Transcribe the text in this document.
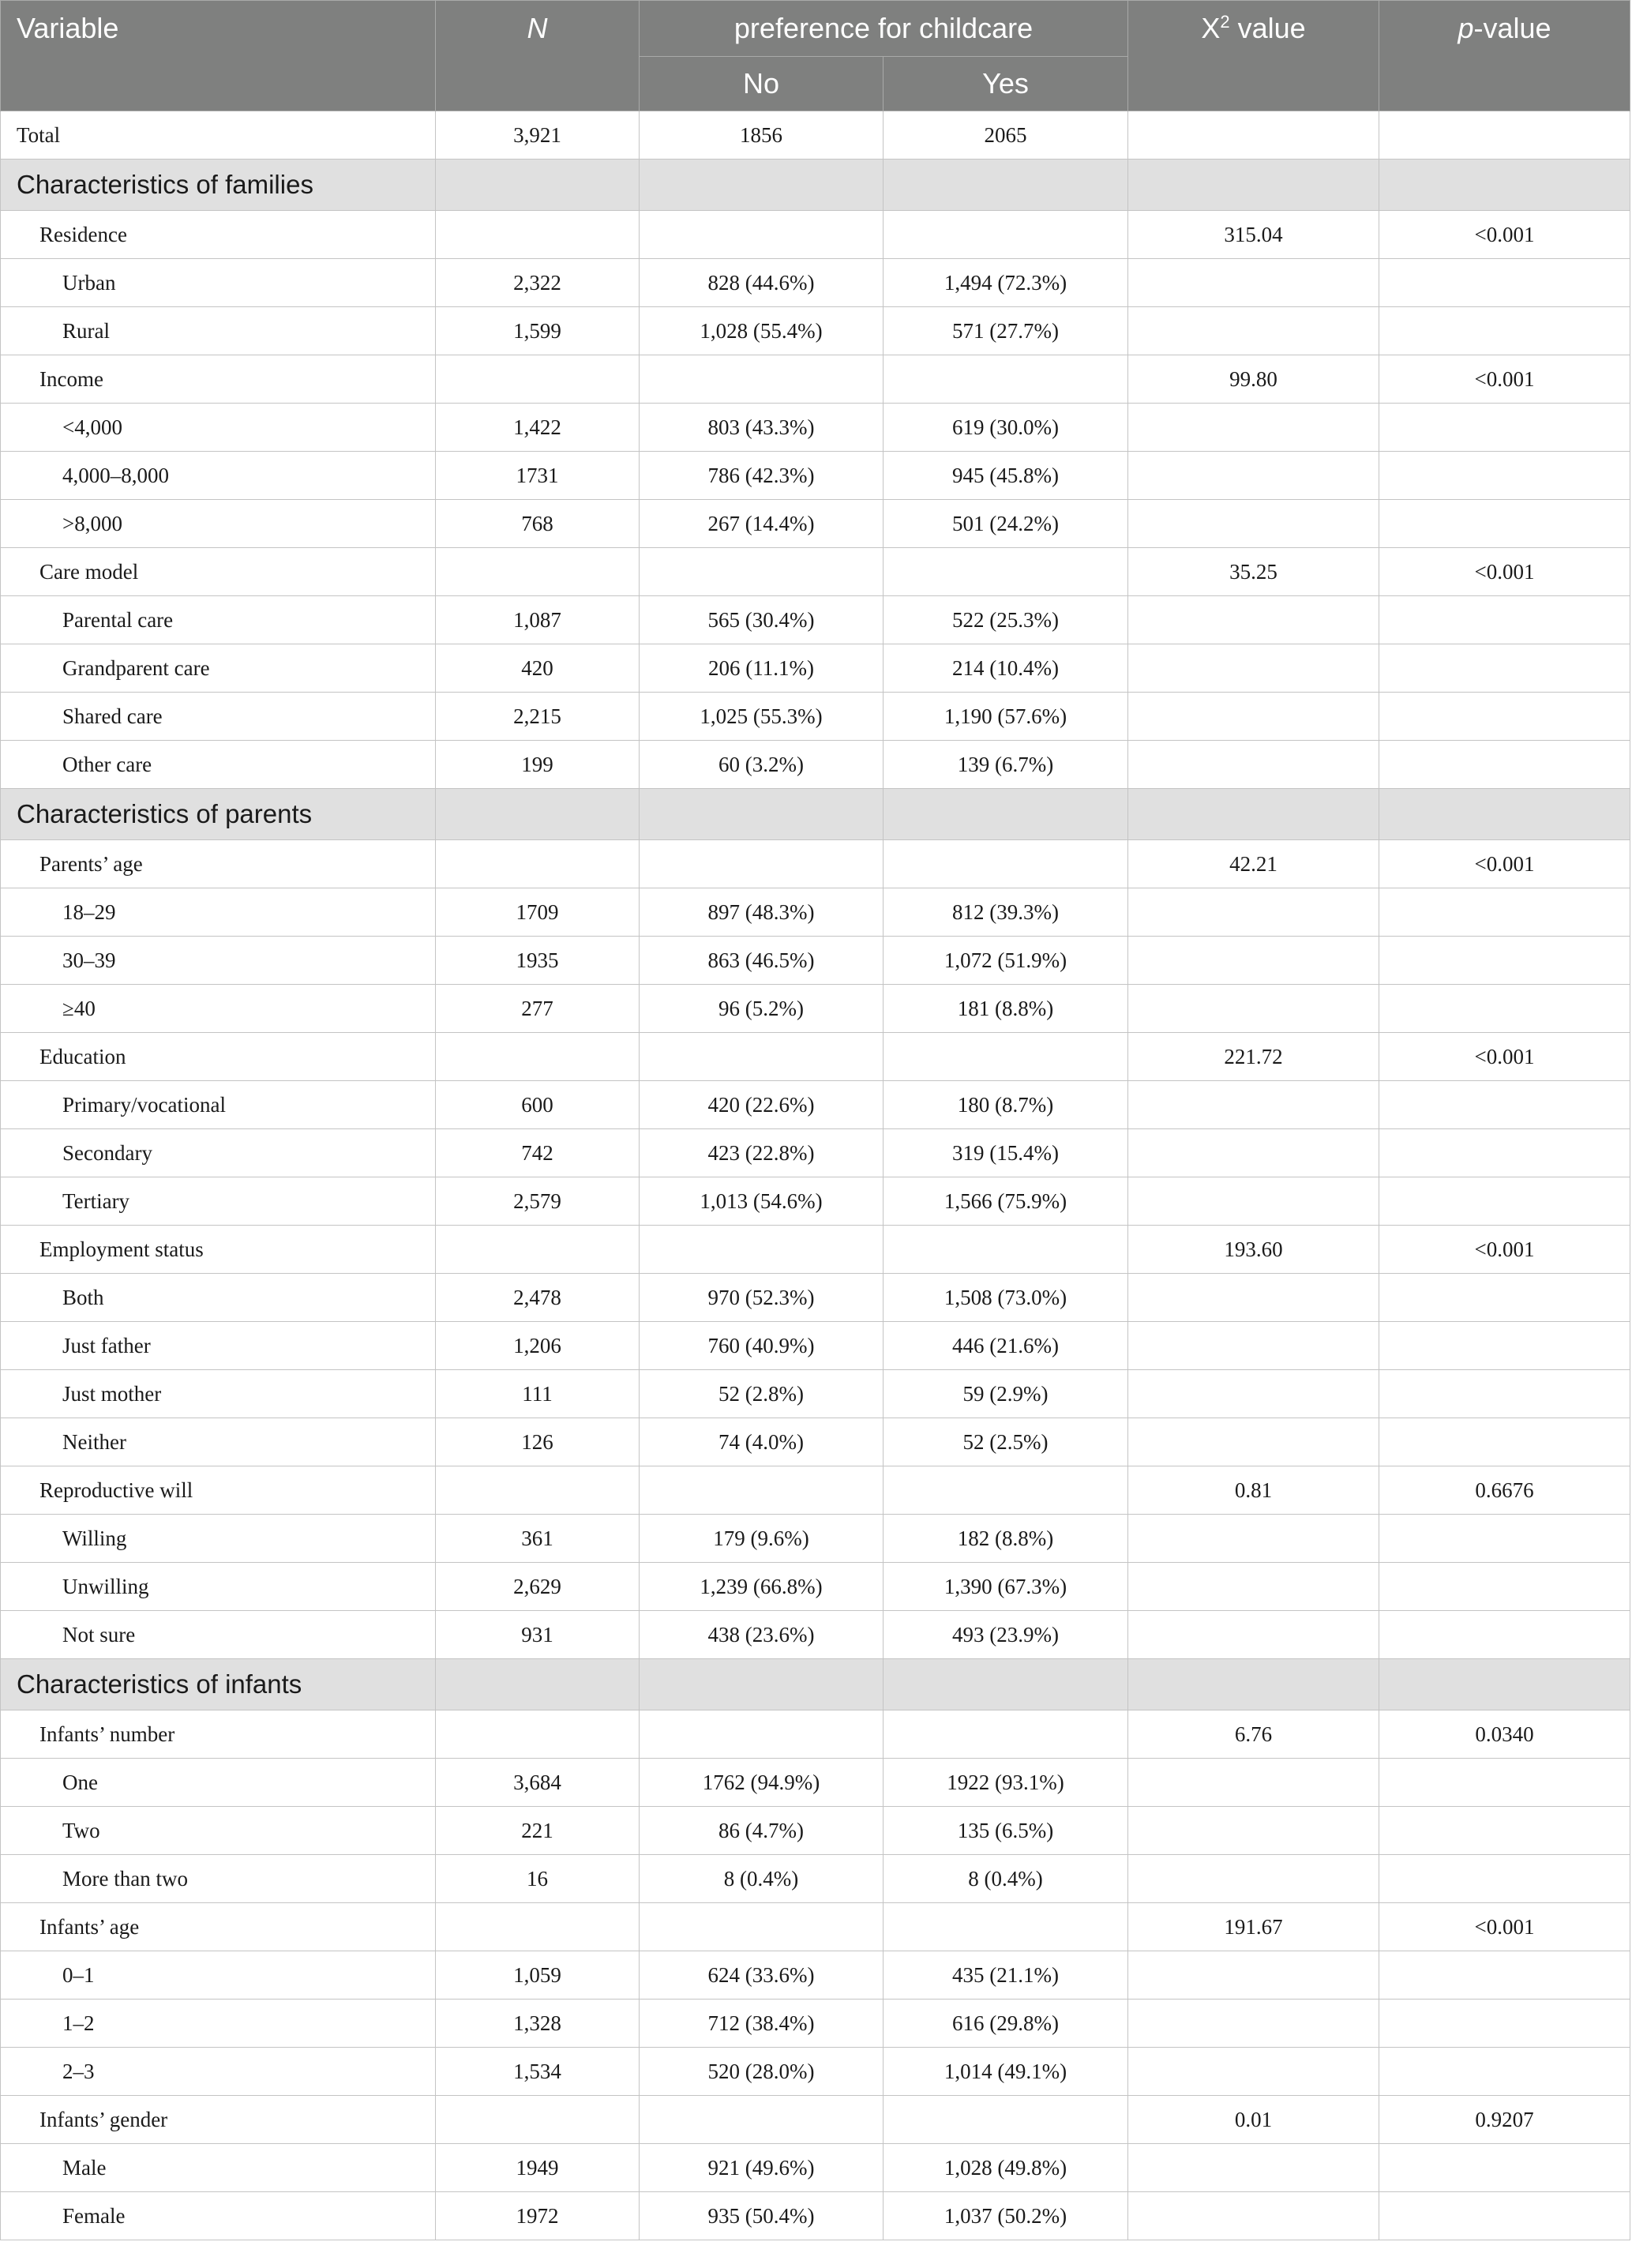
Variable	N	preference for childcare		$X^2$ value	p-value
		No	Yes		
Total	3,921	1856	2065		
Characteristics of families					
Residence				315.04	<0.001
Urban	2,322	828 (44.6%)	1,494 (72.3%)		
Rural	1,599	1,028 (55.4%)	571 (27.7%)		
Income				99.80	<0.001
<4,000	1,422	803 (43.3%)	619 (30.0%)		
4,000–8,000	1731	786 (42.3%)	945 (45.8%)		
>8,000	768	267 (14.4%)	501 (24.2%)		
Care model				35.25	<0.001
Parental care	1,087	565 (30.4%)	522 (25.3%)		
Grandparent care	420	206 (11.1%)	214 (10.4%)		
Shared care	2,215	1,025 (55.3%)	1,190 (57.6%)		
Other care	199	60 (3.2%)	139 (6.7%)		
Characteristics of parents					
Parents’ age				42.21	<0.001
18–29	1709	897 (48.3%)	812 (39.3%)		
30–39	1935	863 (46.5%)	1,072 (51.9%)		
≥40	277	96 (5.2%)	181 (8.8%)		
Education				221.72	<0.001
Primary/vocational	600	420 (22.6%)	180 (8.7%)		
Secondary	742	423 (22.8%)	319 (15.4%)		
Tertiary	2,579	1,013 (54.6%)	1,566 (75.9%)		
Employment status				193.60	<0.001
Both	2,478	970 (52.3%)	1,508 (73.0%)		
Just father	1,206	760 (40.9%)	446 (21.6%)		
Just mother	111	52 (2.8%)	59 (2.9%)		
Neither	126	74 (4.0%)	52 (2.5%)		
Reproductive will				0.81	0.6676
Willing	361	179 (9.6%)	182 (8.8%)		
Unwilling	2,629	1,239 (66.8%)	1,390 (67.3%)		
Not sure	931	438 (23.6%)	493 (23.9%)		
Characteristics of infants					
Infants’ number				6.76	0.0340
One	3,684	1762 (94.9%)	1922 (93.1%)		
Two	221	86 (4.7%)	135 (6.5%)		
More than two	16	8 (0.4%)	8 (0.4%)		
Infants’ age				191.67	<0.001
0–1	1,059	624 (33.6%)	435 (21.1%)		
1–2	1,328	712 (38.4%)	616 (29.8%)		
2–3	1,534	520 (28.0%)	1,014 (49.1%)		
Infants’ gender				0.01	0.9207
Male	1949	921 (49.6%)	1,028 (49.8%)		
Female	1972	935 (50.4%)	1,037 (50.2%)		
